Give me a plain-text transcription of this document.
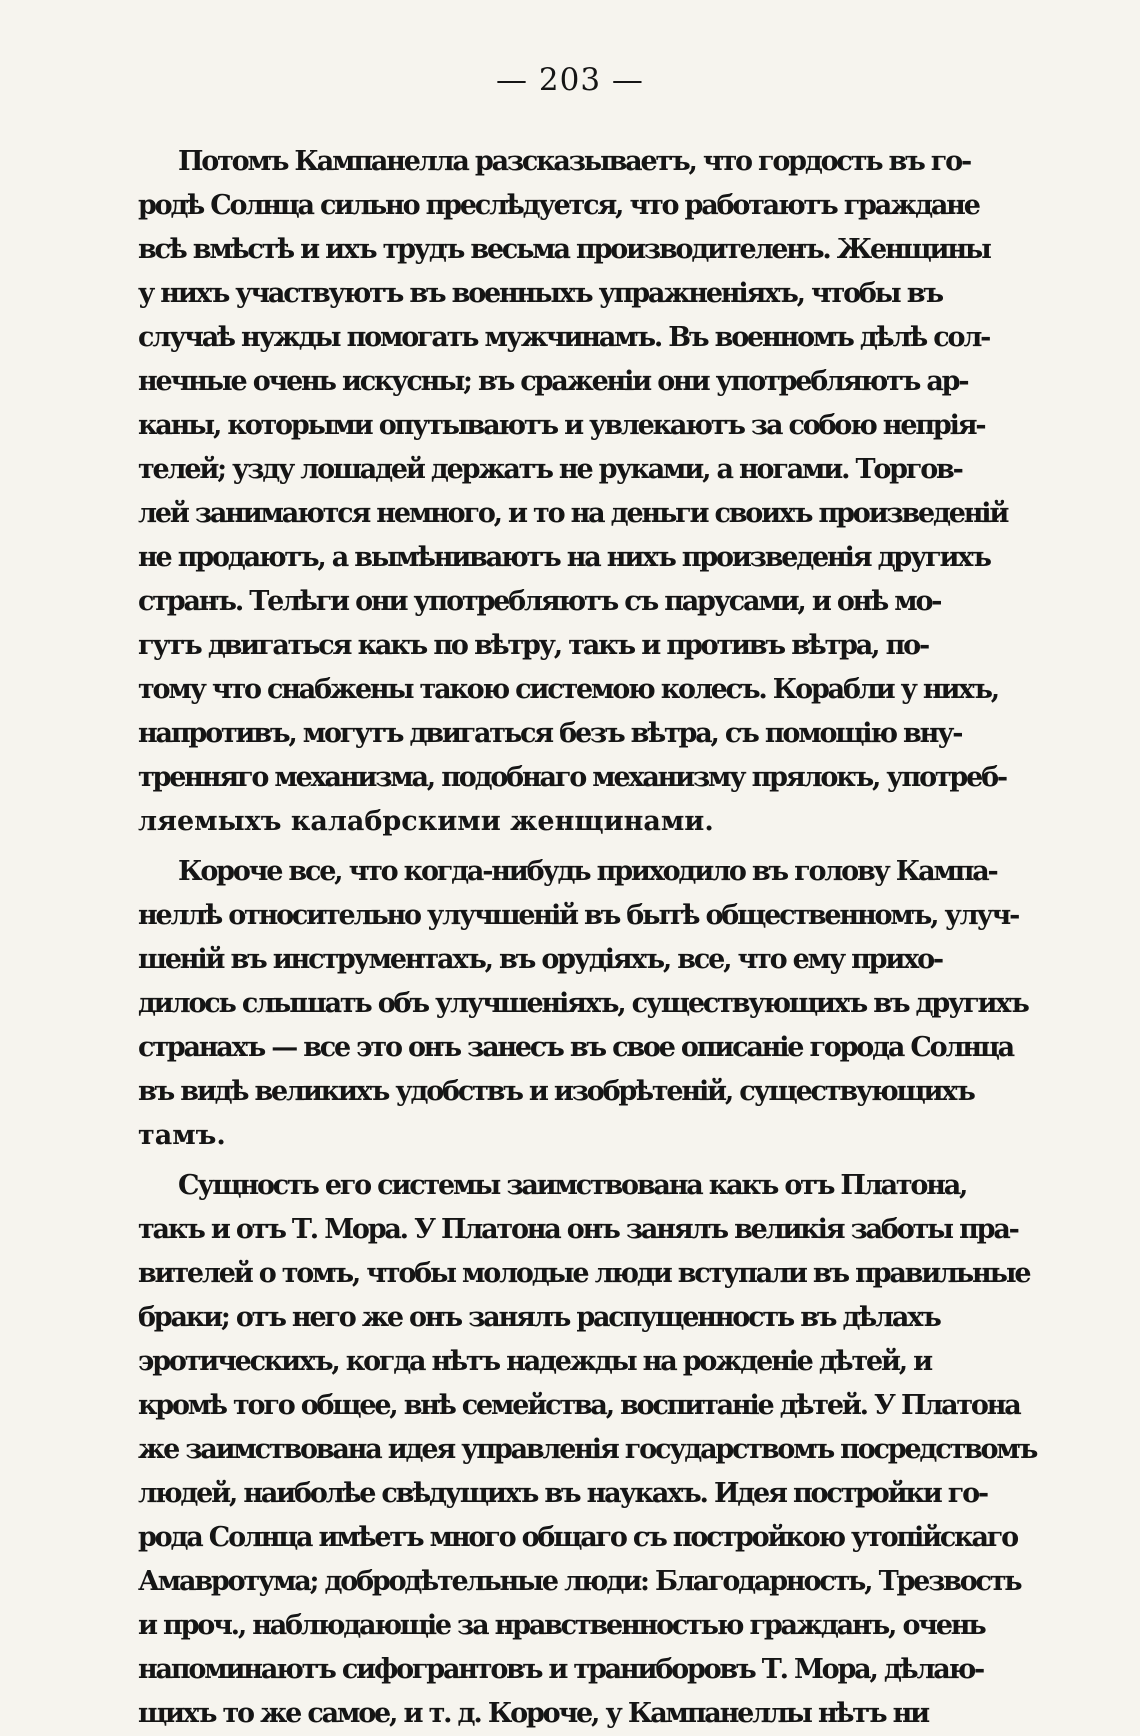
— 203 —

Потомъ Кампанелла разсказываетъ, что гордость въ го-
родѣ Солнца сильно преслѣдуется, что работаютъ граждане
всѣ вмѣстѣ и ихъ трудъ весьма производителенъ. Женщины
у нихъ участвуютъ въ военныхъ упражненiяхъ, чтобы въ
случаѣ нужды помогать мужчинамъ. Въ военномъ дѣлѣ сол-
нечные очень искусны; въ сраженiи они употребляютъ ар-
каны, которыми опутываютъ и увлекаютъ за собою непрiя-
телей; узду лошадей держатъ не руками, а ногами. Торгов-
лей занимаются немного, и то на деньги своихъ произведенiй
не продаютъ, а вымѣниваютъ на нихъ произведенiя другихъ
странъ. Телѣги они употребляютъ съ парусами, и онѣ мо-
гутъ двигаться какъ по вѣтру, такъ и противъ вѣтра, по-
тому что снабжены такою системою колесъ. Корабли у нихъ,
напротивъ, могутъ двигаться безъ вѣтра, съ помощiю вну-
тренняго механизма, подобнаго механизму прялокъ, употреб-
ляемыхъ калабрскими женщинами.

Короче все, что когда-нибудь приходило въ голову Кампа-
неллѣ относительно улучшенiй въ бытѣ общественномъ, улуч-
шенiй въ инструментахъ, въ орудiяхъ, все, что ему прихо-
дилось слышать объ улучшенiяхъ, существующихъ въ другихъ
странахъ — все это онъ занесъ въ свое описанiе города Солнца
въ видѣ великихъ удобствъ и изобрѣтенiй, существующихъ
тамъ.

Сущность его системы заимствована какъ отъ Платона,
такъ и отъ Т. Мора. У Платона онъ занялъ великiя заботы пра-
вителей о томъ, чтобы молодые люди вступали въ правильные
браки; отъ него же онъ занялъ распущенность въ дѣлахъ
эротическихъ, когда нѣтъ надежды на рожденiе дѣтей, и
кромѣ того общее, внѣ семейства, воспитанiе дѣтей. У Платона
же заимствована идея управленiя государствомъ посредствомъ
людей, наиболѣе свѣдущихъ въ наукахъ. Идея постройки го-
рода Солнца имѣетъ много общаго съ постройкою утопiйскаго
Амавротума; добродѣтельные люди: Благодарность, Трезвость
и проч., наблюдающiе за нравственностью гражданъ, очень
напоминаютъ сифогрантовъ и траниборовъ Т. Мора, дѣлаю-
щихъ то же самое, и т. д. Короче, у Кампанеллы нѣтъ ни
